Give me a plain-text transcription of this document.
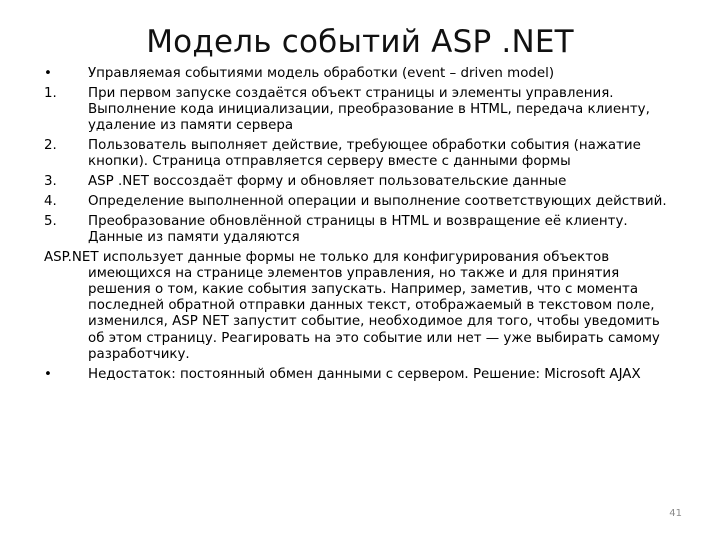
Модель событий ASP .NET
•	Управляемая событиями модель обработки (event – driven model)
1.	При первом запуске создаётся объект страницы и элементы управления. Выполнение кода инициализации, преобразование в HTML, передача клиенту, удаление из памяти сервера
2.	Пользователь выполняет действие, требующее обработки события (нажатие кнопки). Страница отправляется серверу вместе с данными формы
3.	ASP .NET воссоздаёт форму и обновляет пользовательские данные
4.	Определение выполненной операции и выполнение соответствующих действий.
5.	Преобразование обновлённой страницы в HTML и возвращение её клиенту. Данные из памяти удаляются
ASP.NET использует данные формы не только для конфигурирования объектов имеющихся на странице элементов управления, но также и для принятия решения о том, какие события запускать. Например, заметив, что с момента последней обратной отправки данных текст, отображаемый в текстовом поле, изменился, ASP NET запустит событие, необходимое для того, чтобы уведомить об этом страницу. Реагировать на это событие или нет — уже выбирать самому разработчику.
•	Недостаток: постоянный обмен данными с сервером. Решение: Microsoft AJAX
41
